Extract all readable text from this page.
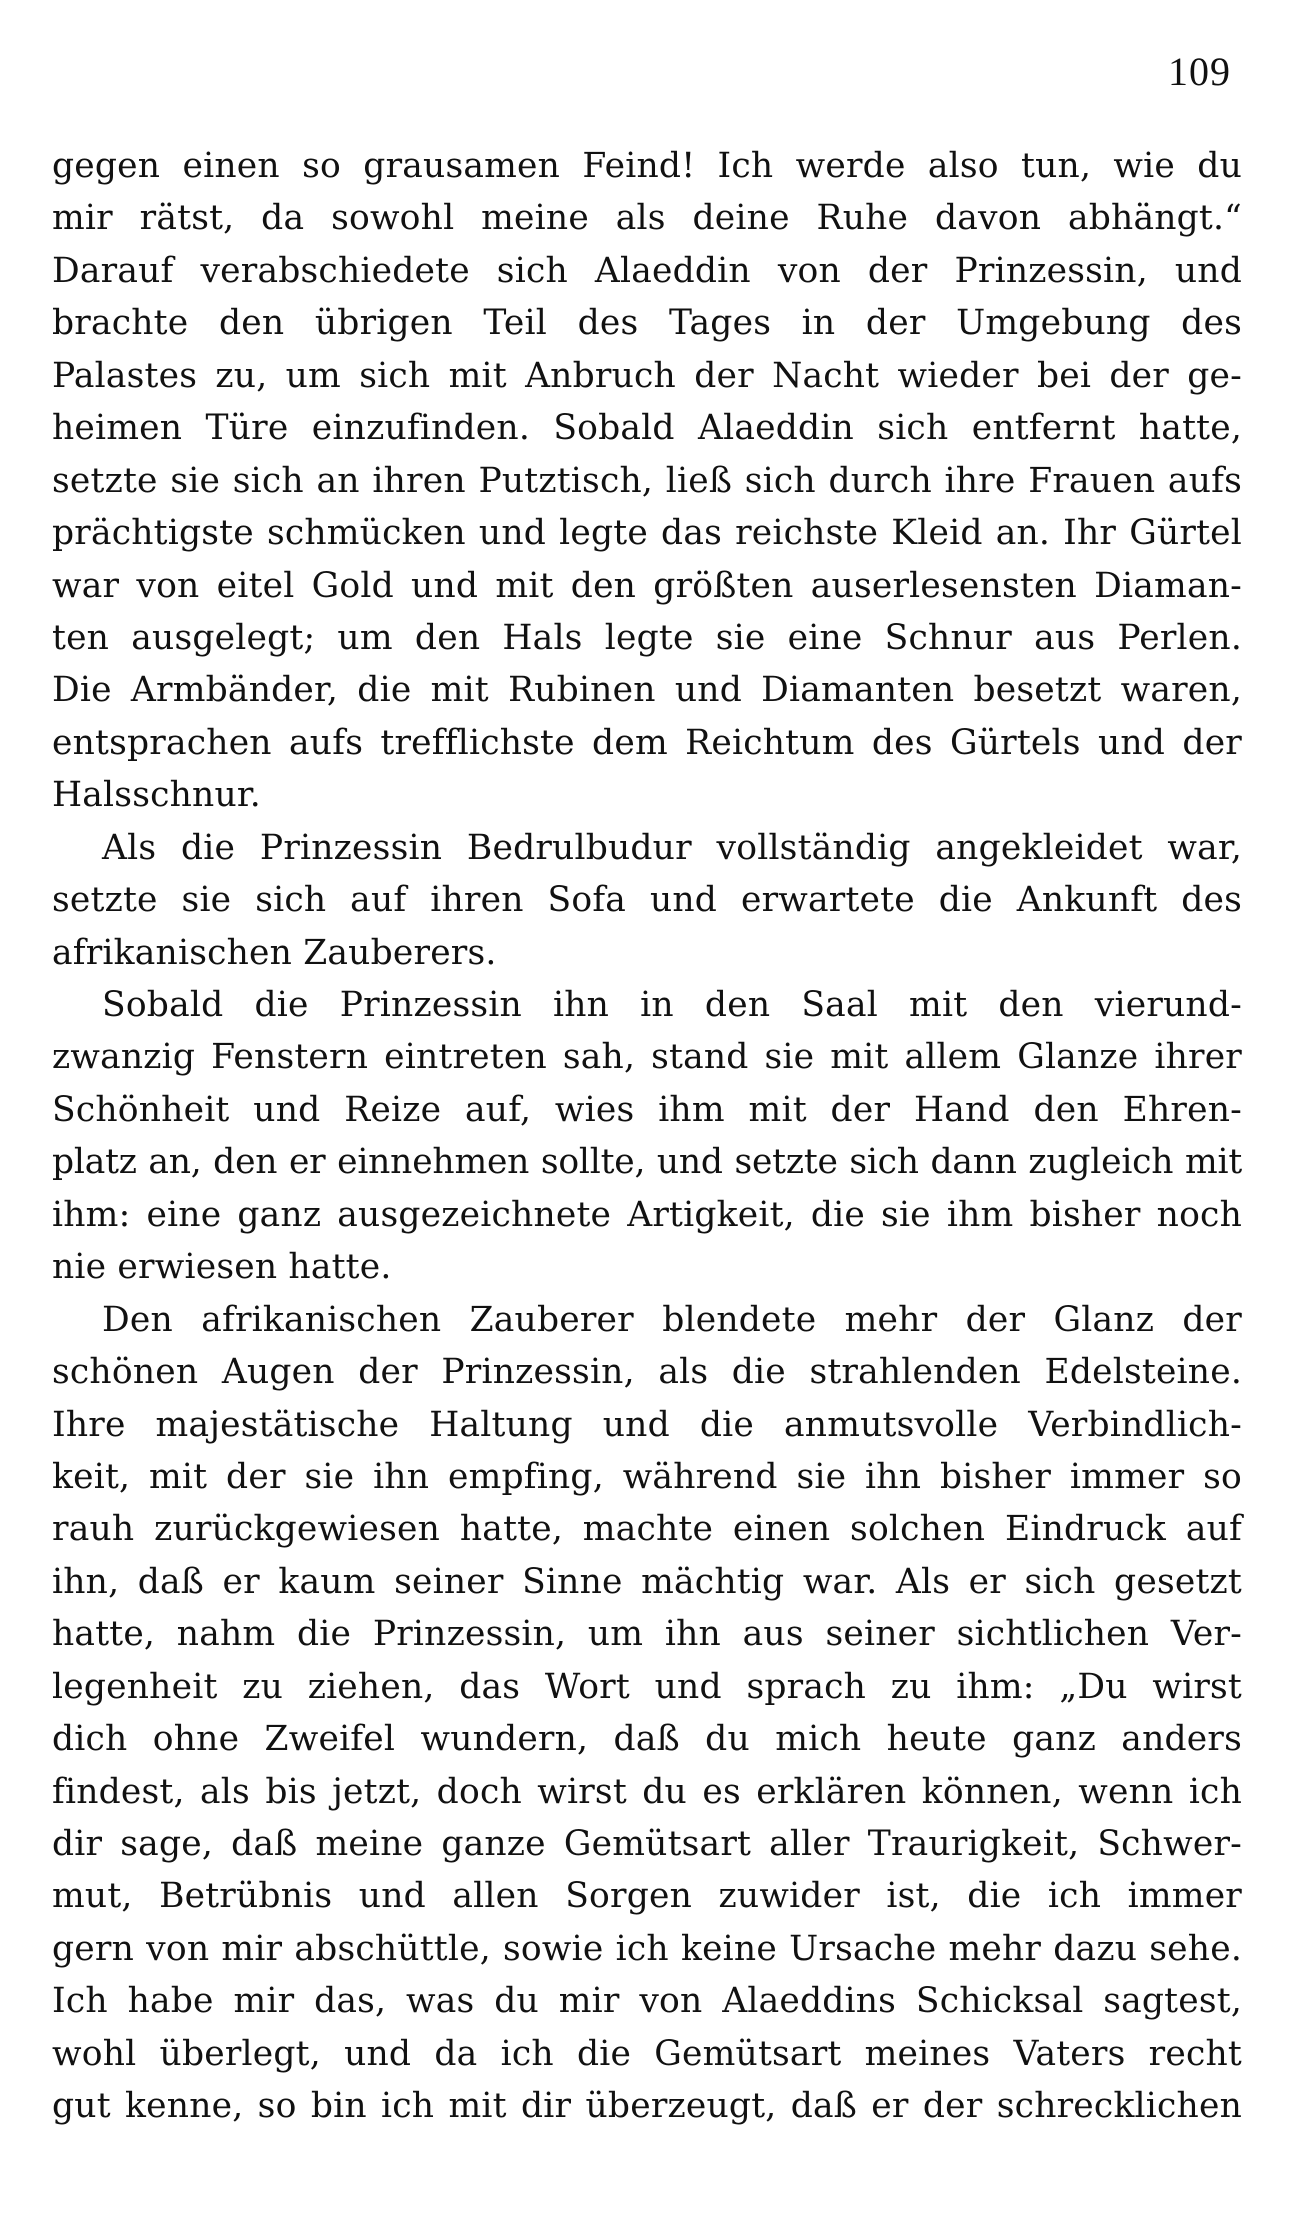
109
gegen einen so grausamen Feind! Ich werde also tun, wie du
mir rätst, da sowohl meine als deine Ruhe davon abhängt.“
Darauf verabschiedete sich Alaeddin von der Prinzessin, und
brachte den übrigen Teil des Tages in der Umgebung des
Palastes zu, um sich mit Anbruch der Nacht wieder bei der ge-
heimen Türe einzufinden. Sobald Alaeddin sich entfernt hatte,
setzte sie sich an ihren Putztisch, ließ sich durch ihre Frauen aufs
prächtigste schmücken und legte das reichste Kleid an. Ihr Gürtel
war von eitel Gold und mit den größten auserlesensten Diaman-
ten ausgelegt; um den Hals legte sie eine Schnur aus Perlen.
Die Armbänder, die mit Rubinen und Diamanten besetzt waren,
entsprachen aufs trefflichste dem Reichtum des Gürtels und der
Halsschnur.
Als die Prinzessin Bedrulbudur vollständig angekleidet war,
setzte sie sich auf ihren Sofa und erwartete die Ankunft des
afrikanischen Zauberers.
Sobald die Prinzessin ihn in den Saal mit den vierund-
zwanzig Fenstern eintreten sah, stand sie mit allem Glanze ihrer
Schönheit und Reize auf, wies ihm mit der Hand den Ehren-
platz an, den er einnehmen sollte, und setzte sich dann zugleich mit
ihm: eine ganz ausgezeichnete Artigkeit, die sie ihm bisher noch
nie erwiesen hatte.
Den afrikanischen Zauberer blendete mehr der Glanz der
schönen Augen der Prinzessin, als die strahlenden Edelsteine.
Ihre majestätische Haltung und die anmutsvolle Verbindlich-
keit, mit der sie ihn empfing, während sie ihn bisher immer so
rauh zurückgewiesen hatte, machte einen solchen Eindruck auf
ihn, daß er kaum seiner Sinne mächtig war. Als er sich gesetzt
hatte, nahm die Prinzessin, um ihn aus seiner sichtlichen Ver-
legenheit zu ziehen, das Wort und sprach zu ihm: „Du wirst
dich ohne Zweifel wundern, daß du mich heute ganz anders
findest, als bis jetzt, doch wirst du es erklären können, wenn ich
dir sage, daß meine ganze Gemütsart aller Traurigkeit, Schwer-
mut, Betrübnis und allen Sorgen zuwider ist, die ich immer
gern von mir abschüttle, sowie ich keine Ursache mehr dazu sehe.
Ich habe mir das, was du mir von Alaeddins Schicksal sagtest,
wohl überlegt, und da ich die Gemütsart meines Vaters recht
gut kenne, so bin ich mit dir überzeugt, daß er der schrecklichen
